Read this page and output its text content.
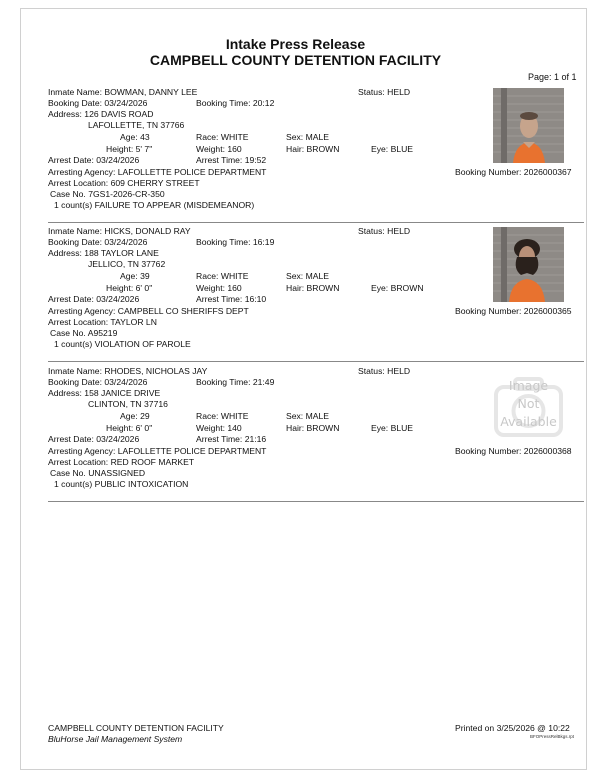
Intake Press Release
CAMPBELL COUNTY DETENTION FACILITY
Page: 1 of 1
Inmate Name: BOWMAN, DANNY LEE	Status: HELD
Booking Date: 03/24/2026	Booking Time: 20:12
Address: 126 DAVIS ROAD
LAFOLLETTE, TN 37766
Age: 43	Race: WHITE	Sex: MALE
Height: 5' 7"	Weight: 160	Hair: BROWN	Eye: BLUE
Arrest Date: 03/24/2026	Arrest Time: 19:52
Arresting Agency: LAFOLLETTE POLICE DEPARTMENT	Booking Number: 2026000367
Arrest Location: 609 CHERRY STREET
Case No. 7GS1-2026-CR-350
1 count(s) FAILURE TO APPEAR (MISDEMEANOR)
Inmate Name: HICKS, DONALD RAY	Status: HELD
Booking Date: 03/24/2026	Booking Time: 16:19
Address: 188 TAYLOR LANE
JELLICO, TN 37762
Age: 39	Race: WHITE	Sex: MALE
Height: 6' 0"	Weight: 160	Hair: BROWN	Eye: BROWN
Arrest Date: 03/24/2026	Arrest Time: 16:10
Arresting Agency: CAMPBELL CO SHERIFFS DEPT	Booking Number: 2026000365
Arrest Location: TAYLOR LN
Case No. A95219
1 count(s) VIOLATION OF PAROLE
Inmate Name: RHODES, NICHOLAS JAY	Status: HELD
Booking Date: 03/24/2026	Booking Time: 21:49
Address: 158 JANICE DRIVE
CLINTON, TN 37716
Age: 29	Race: WHITE	Sex: MALE
Height: 6' 0"	Weight: 140	Hair: BROWN	Eye: BLUE
Arrest Date: 03/24/2026	Arrest Time: 21:16
Arresting Agency: LAFOLLETTE POLICE DEPARTMENT	Booking Number: 2026000368
Arrest Location: RED ROOF MARKET
Case No. UNASSIGNED
1 count(s) PUBLIC INTOXICATION
Image
Not
Available
CAMPBELL COUNTY DETENTION FACILITY
BluHorse Jail Management System
Printed on 3/25/2026 @ 10:22
BFOPressRelBkgs.rpt
